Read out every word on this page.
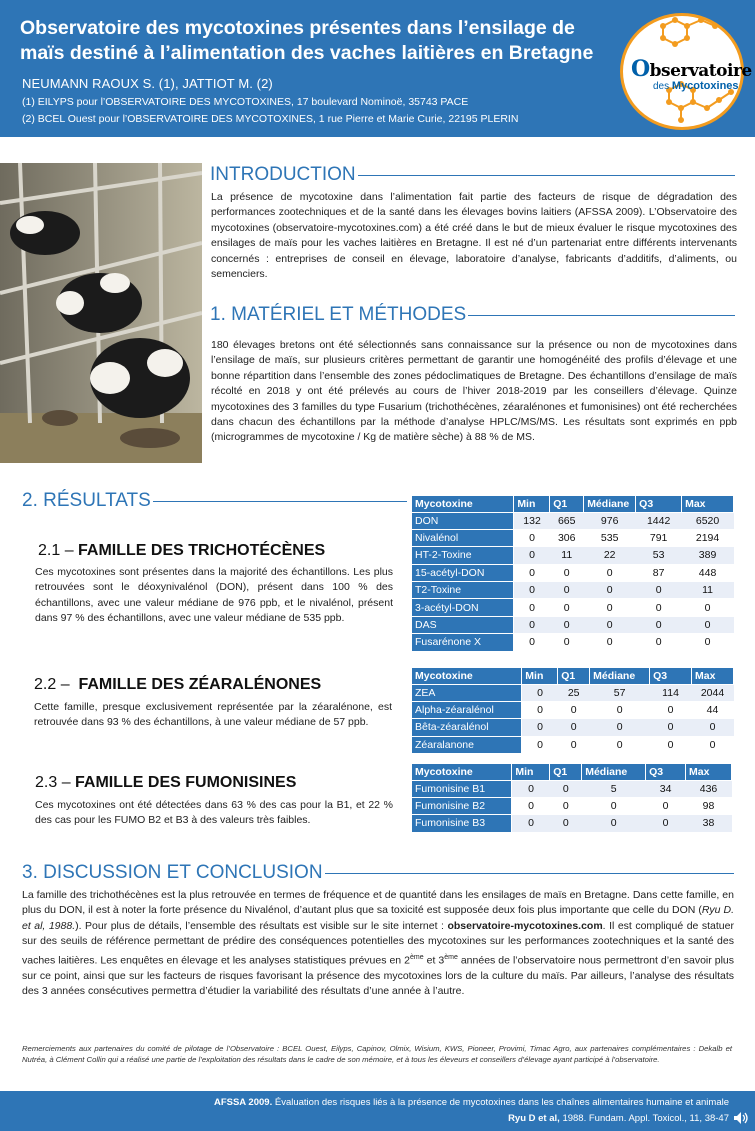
Observatoire des mycotoxines présentes dans l’ensilage de maïs destiné à l’alimentation des vaches laitières en Bretagne
NEUMANN RAOUX S. (1), JATTIOT M. (2)
(1) EILYPS pour l’OBSERVATOIRE DES MYCOTOXINES, 17 boulevard Nominoë, 35743 PACE
(2) BCEL Ouest pour l’OBSERVATOIRE DES MYCOTOXINES, 1 rue Pierre et Marie Curie, 22195 PLERIN
Observatoire
des Mycotoxines
INTRODUCTION
La présence de mycotoxine dans l’alimentation fait partie des facteurs de risque de dégradation des performances zootechniques et de la santé dans les élevages bovins laitiers (AFSSA 2009). L’Observatoire des mycotoxines (observatoire-mycotoxines.com) a été créé dans le but de mieux évaluer le risque mycotoxines des ensilages de maïs pour les vaches laitières en Bretagne. Il est né d’un partenariat entre différents intervenants concernés : entreprises de conseil en élevage, laboratoire d’analyse, fabricants d’additifs, d’aliments, ou semenciers.
1. MATÉRIEL ET MÉTHODES
180 élevages bretons ont été sélectionnés sans connaissance sur la présence ou non de mycotoxines dans l’ensilage de maïs, sur plusieurs critères permettant de garantir une homogénéité des profils d’élevage et une bonne répartition dans l’ensemble des zones pédoclimatiques de Bretagne. Des échantillons d’ensilage de maïs récolté en 2018 y ont été prélevés au cours de l’hiver 2018-2019 par les conseillers d’élevage. Quinze mycotoxines des 3 familles du type Fusarium (trichothécènes, zéaralénones et fumonisines) ont été recherchées dans chacun des échantillons par la méthode d’analyse HPLC/MS/MS. Les résultats sont exprimés en ppb (microgrammes de mycotoxine / Kg de matière sèche) à 88 % de MS.
2. RÉSULTATS
2.1 – FAMILLE DES TRICHOTÉCÈNES
Ces mycotoxines sont présentes dans la majorité des échantillons. Les plus retrouvées sont le déoxynivalénol (DON), présent dans 100 % des échantillons, avec une valeur médiane de 976 ppb, et le nivalénol, présent dans 97 % des échantillons, avec une valeur médiane de 535 ppb.
2.2 –  FAMILLE DES ZÉARALÉNONES
Cette famille, presque exclusivement représentée par la zéaralénone, est retrouvée dans 93 % des échantillons, à une valeur médiane de 57 ppb.
2.3 – FAMILLE DES FUMONISINES
Ces mycotoxines ont été détectées dans 63 % des cas pour la B1, et 22 % des cas pour les FUMO B2 et B3 à des valeurs très faibles.
Mycotoxine	Min	Q1	Médiane	Q3	Max
DON	132	665	976	1442	6520
Nivalénol	0	306	535	791	2194
HT-2-Toxine	0	11	22	53	389
15-acétyl-DON	0	0	0	87	448
T2-Toxine	0	0	0	0	11
3-acétyl-DON	0	0	0	0	0
DAS	0	0	0	0	0
Fusarénone X	0	0	0	0	0
Mycotoxine	Min	Q1	Médiane	Q3	Max
ZEA	0	25	57	114	2044
Alpha-zéaralénol	0	0	0	0	44
Bêta-zéaralénol	0	0	0	0	0
Zéaralanone	0	0	0	0	0
Mycotoxine	Min	Q1	Médiane	Q3	Max
Fumonisine B1	0	0	5	34	436
Fumonisine B2	0	0	0	0	98
Fumonisine B3	0	0	0	0	38
3. DISCUSSION ET CONCLUSION
La famille des trichothécènes est la plus retrouvée en termes de fréquence et de quantité dans les ensilages de maïs en Bretagne. Dans cette famille, en plus du DON, il est à noter la forte présence du Nivalénol, d’autant plus que sa toxicité est supposée deux fois plus importante que celle du DON (Ryu D. et al, 1988.). Pour plus de détails, l’ensemble des résultats est visible sur le site internet : observatoire-mycotoxines.com. Il est compliqué de statuer sur des seuils de référence permettant de prédire des conséquences potentielles des mycotoxines sur les performances zootechniques et la santé des vaches laitières. Les enquêtes en élevage et les analyses statistiques prévues en 2ème et 3ème années de l’observatoire nous permettront d’en savoir plus sur ce point, ainsi que sur les facteurs de risques favorisant la présence des mycotoxines lors de la culture du maïs. Par ailleurs, l’analyse des résultats des 3 années consécutives permettra d’étudier la variabilité des résultats d’une année à l’autre.
Remerciements aux partenaires du comité de pilotage de l’Observatoire : BCEL Ouest, Eilyps, Capinov, Olmix, Wisium, KWS, Pioneer, Provimi, Timac Agro, aux partenaires complémentaires : Dekalb et Nutréa, à Clément Collin qui a réalisé une partie de l’exploitation des résultats dans le cadre de son mémoire, et à tous les éleveurs et conseillers d’élevage ayant participé à l’observatoire.
AFSSA 2009. Évaluation des risques liés à la présence de mycotoxines dans les chaînes alimentaires humaine et animale
Ryu D et al, 1988. Fundam. Appl. Toxicol., 11, 38-47
